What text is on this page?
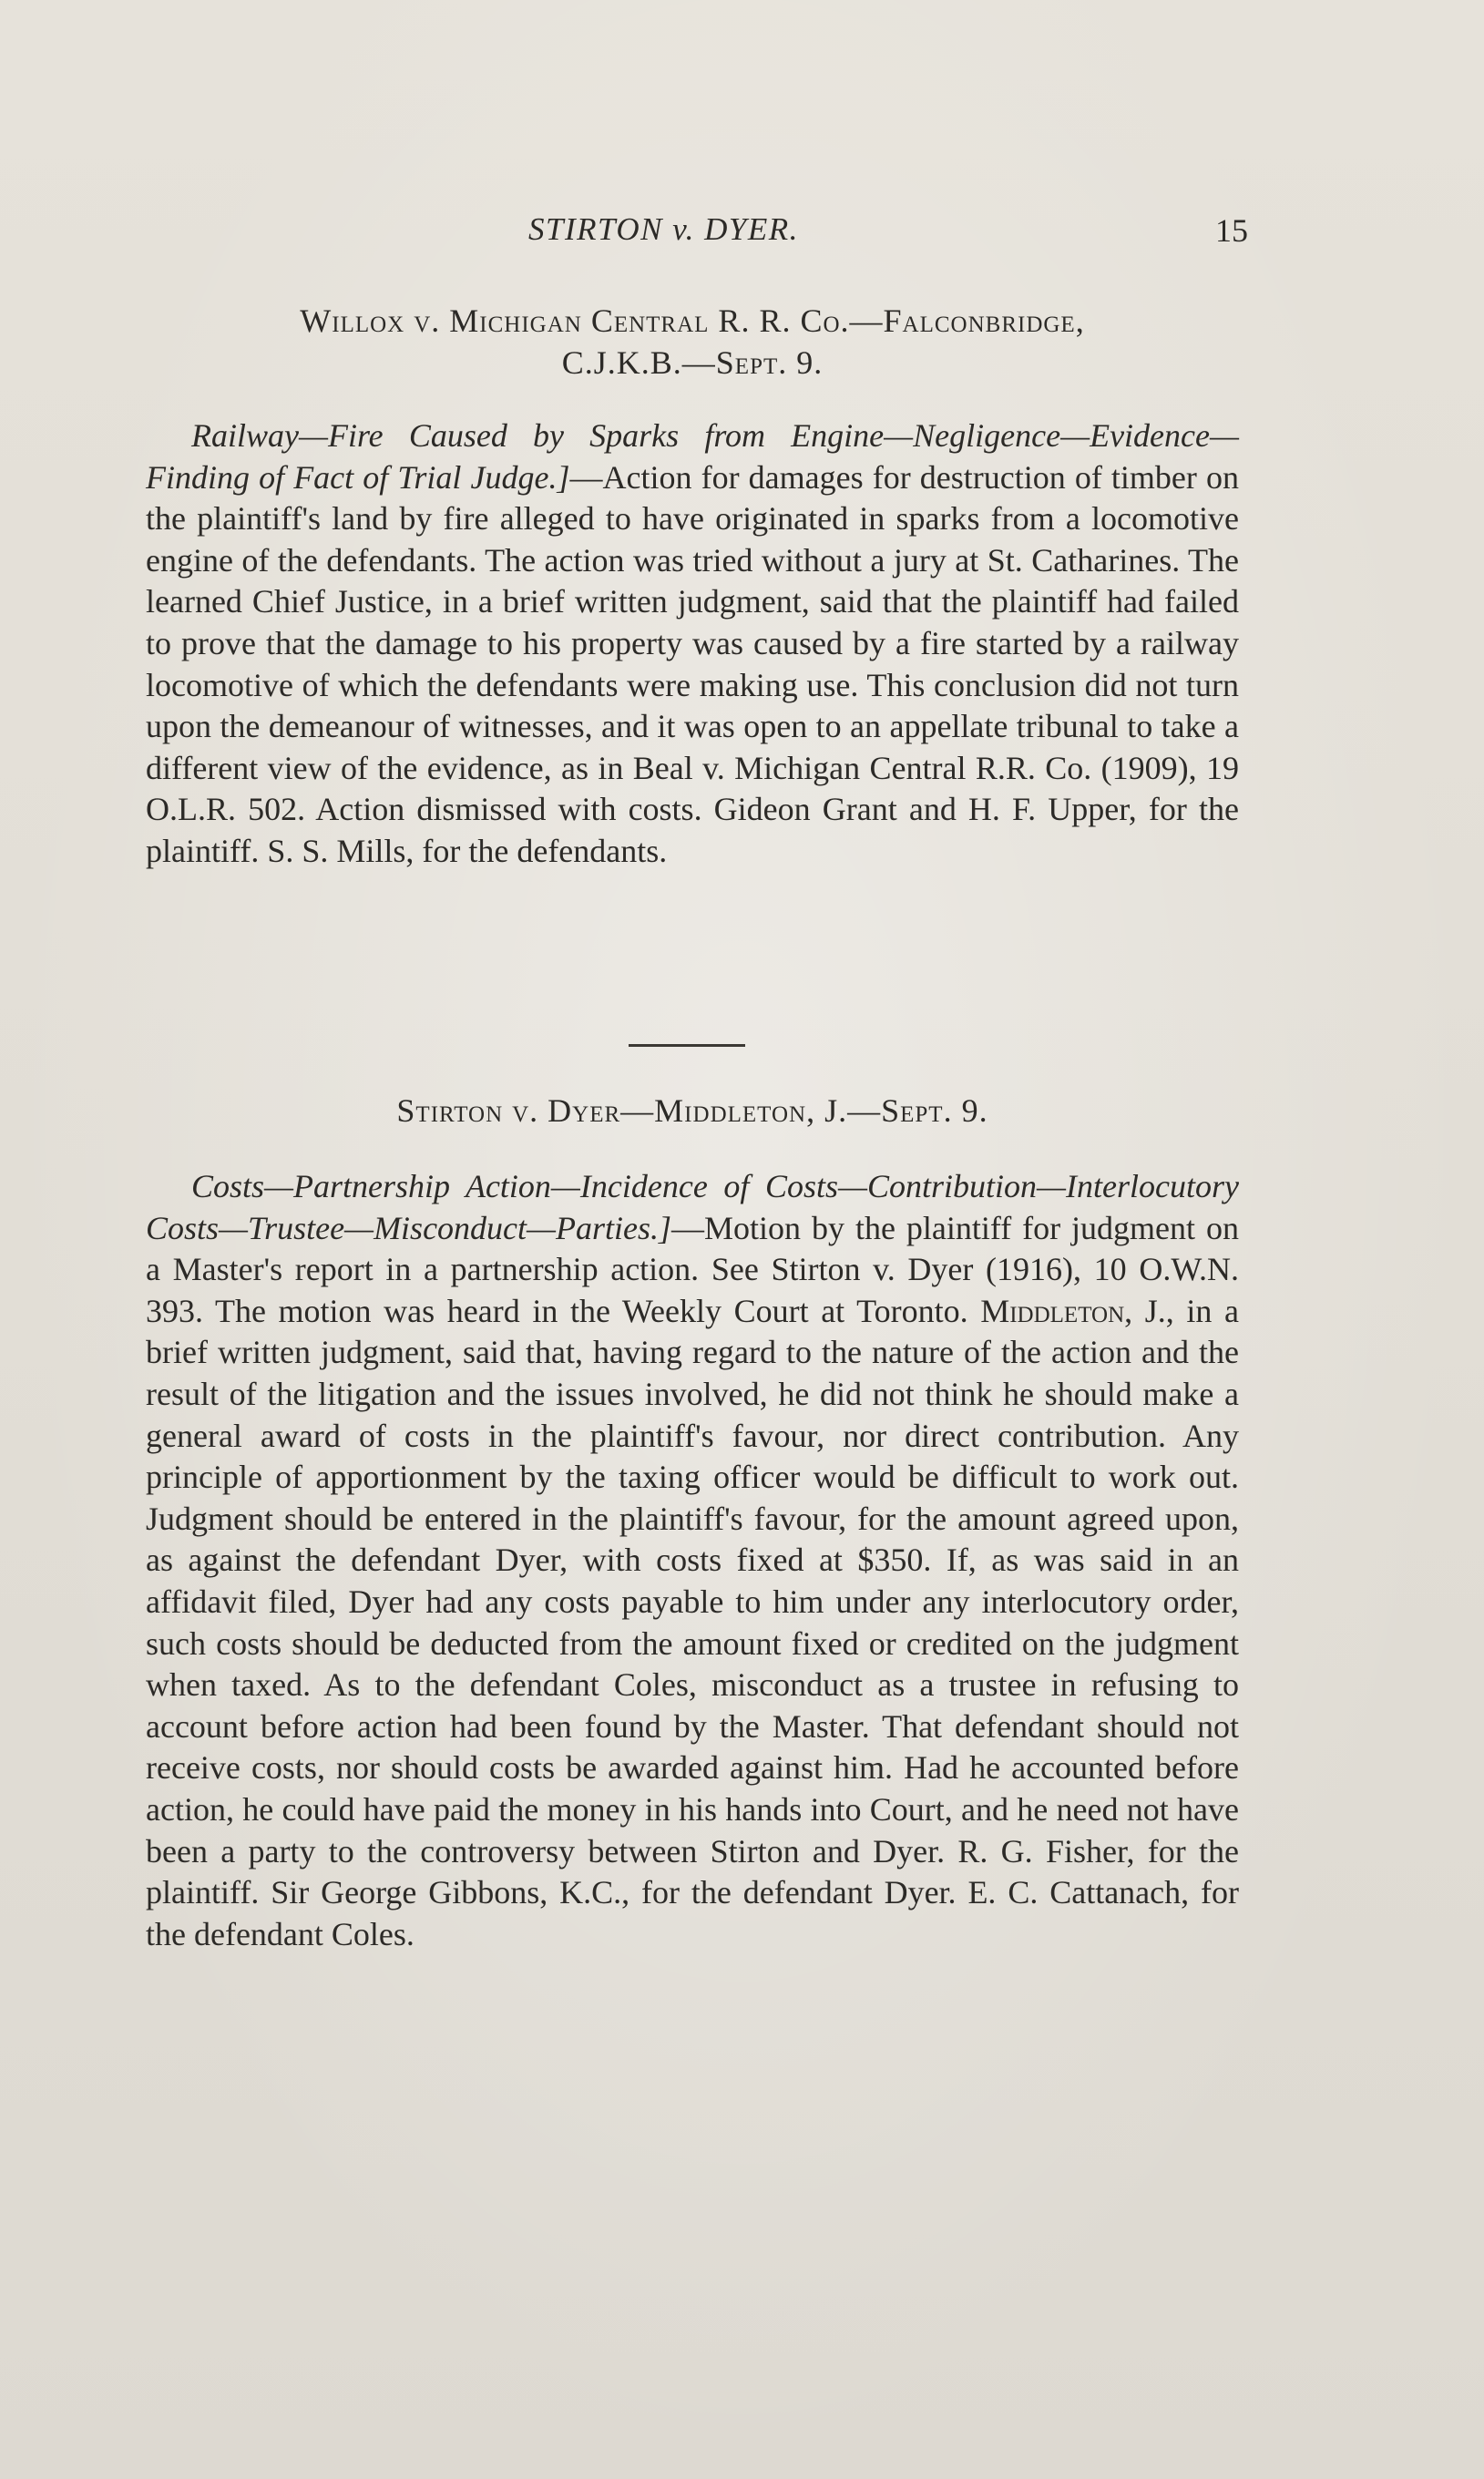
STIRTON v. DYER.	15
Willox v. Michigan Central R. R. Co.—Falconbridge,
C.J.K.B.—Sept. 9.

Railway—Fire Caused by Sparks from Engine—Negligence—Evidence—Finding of Fact of Trial Judge.]—Action for damages for destruction of timber on the plaintiff's land by fire alleged to have originated in sparks from a locomotive engine of the defendants. The action was tried without a jury at St. Catharines. The learned Chief Justice, in a brief written judgment, said that the plaintiff had failed to prove that the damage to his property was caused by a fire started by a railway locomotive of which the defendants were making use. This conclusion did not turn upon the demeanour of witnesses, and it was open to an appellate tribunal to take a different view of the evidence, as in Beal v. Michigan Central R.R. Co. (1909), 19 O.L.R. 502. Action dismissed with costs. Gideon Grant and H. F. Upper, for the plaintiff. S. S. Mills, for the defendants.

Stirton v. Dyer—Middleton, J.—Sept. 9.

Costs—Partnership Action—Incidence of Costs—Contribution—Interlocutory Costs—Trustee—Misconduct—Parties.]—Motion by the plaintiff for judgment on a Master's report in a partnership action. See Stirton v. Dyer (1916), 10 O.W.N. 393. The motion was heard in the Weekly Court at Toronto. Middleton, J., in a brief written judgment, said that, having regard to the nature of the action and the result of the litigation and the issues involved, he did not think he should make a general award of costs in the plaintiff's favour, nor direct contribution. Any principle of apportionment by the taxing officer would be difficult to work out. Judgment should be entered in the plaintiff's favour, for the amount agreed upon, as against the defendant Dyer, with costs fixed at $350. If, as was said in an affidavit filed, Dyer had any costs payable to him under any interlocutory order, such costs should be deducted from the amount fixed or credited on the judgment when taxed. As to the defendant Coles, misconduct as a trustee in refusing to account before action had been found by the Master. That defendant should not receive costs, nor should costs be awarded against him. Had he accounted before action, he could have paid the money in his hands into Court, and he need not have been a party to the controversy between Stirton and Dyer. R. G. Fisher, for the plaintiff. Sir George Gibbons, K.C., for the defendant Dyer. E. C. Cattanach, for the defendant Coles.
